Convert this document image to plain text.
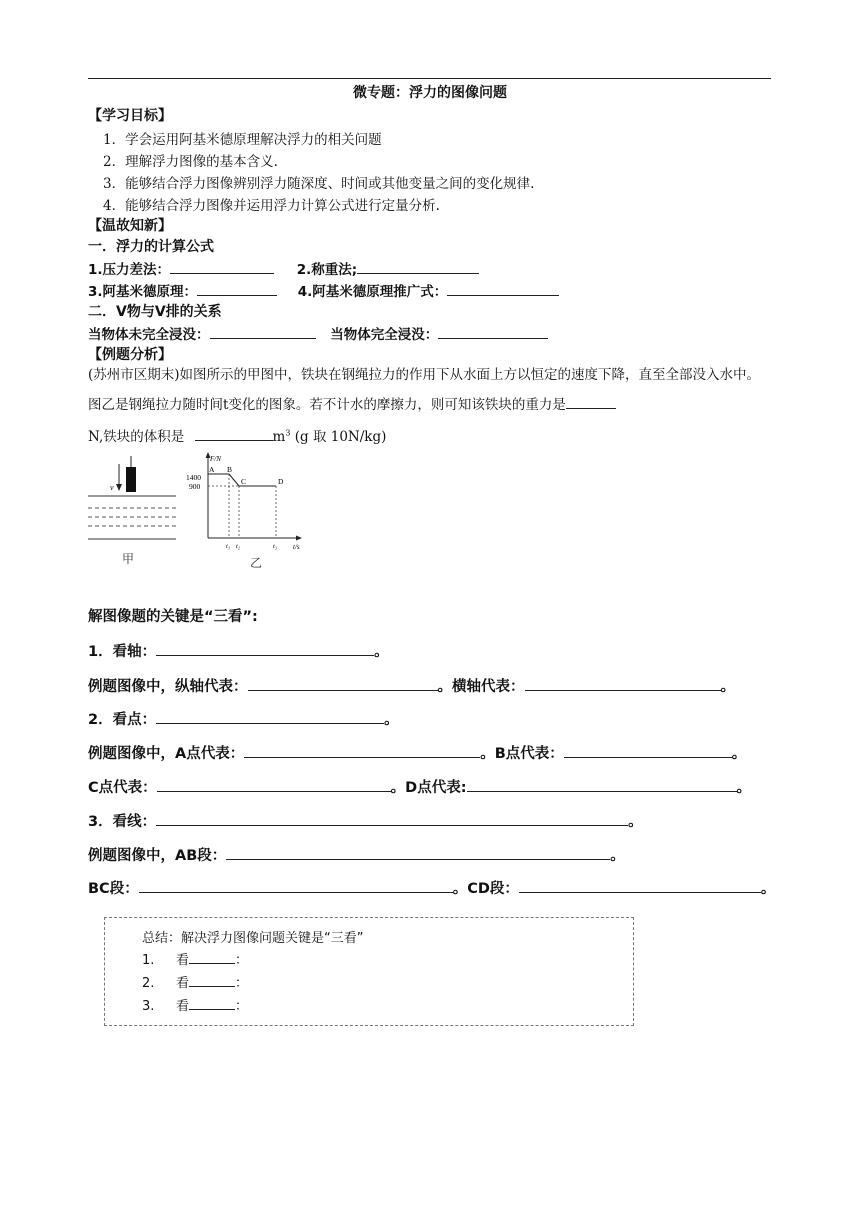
微专题：浮力的图像问题
【学习目标】
1．学会运用阿基米德原理解决浮力的相关问题
2．理解浮力图像的基本含义.
3．能够结合浮力图像辨别浮力随深度、时间或其他变量之间的变化规律.
4．能够结合浮力图像并运用浮力计算公式进行定量分析.
【温故知新】
一．浮力的计算公式
1.压力差法：	2.称重法;
3.阿基米德原理：	4.阿基米德原理推广式：
二．V物与V排的关系
当物体未完全浸没：	当物体完全浸没：
【例题分析】
(苏州市区期末)如图所示的甲图中，铁块在钢绳拉力的作用下从水面上方以恒定的速度下降，直至全部没入水中。图乙是钢绳拉力随时间t变化的图象。若不计水的摩擦力，则可知该铁块的重力是
N,铁块的体积是	$m^3$ (g 取 10N/kg)
v
甲
F/N
t/s
1400
900
A B
C	D
t₁ t₂	t₃
乙
解图像题的关键是“三看”:
1．看轴：	。
例题图像中，纵轴代表：	。横轴代表：	。
2．看点：	。
例题图像中，A点代表：	。B点代表：	。
C点代表：	。D点代表:	。
3．看线：	。
例题图像中，AB段：	。
BC段：	。CD段：	。
总结：解决浮力图像问题关键是“三看”
1. 看	：
2. 看	：
3. 看	：
